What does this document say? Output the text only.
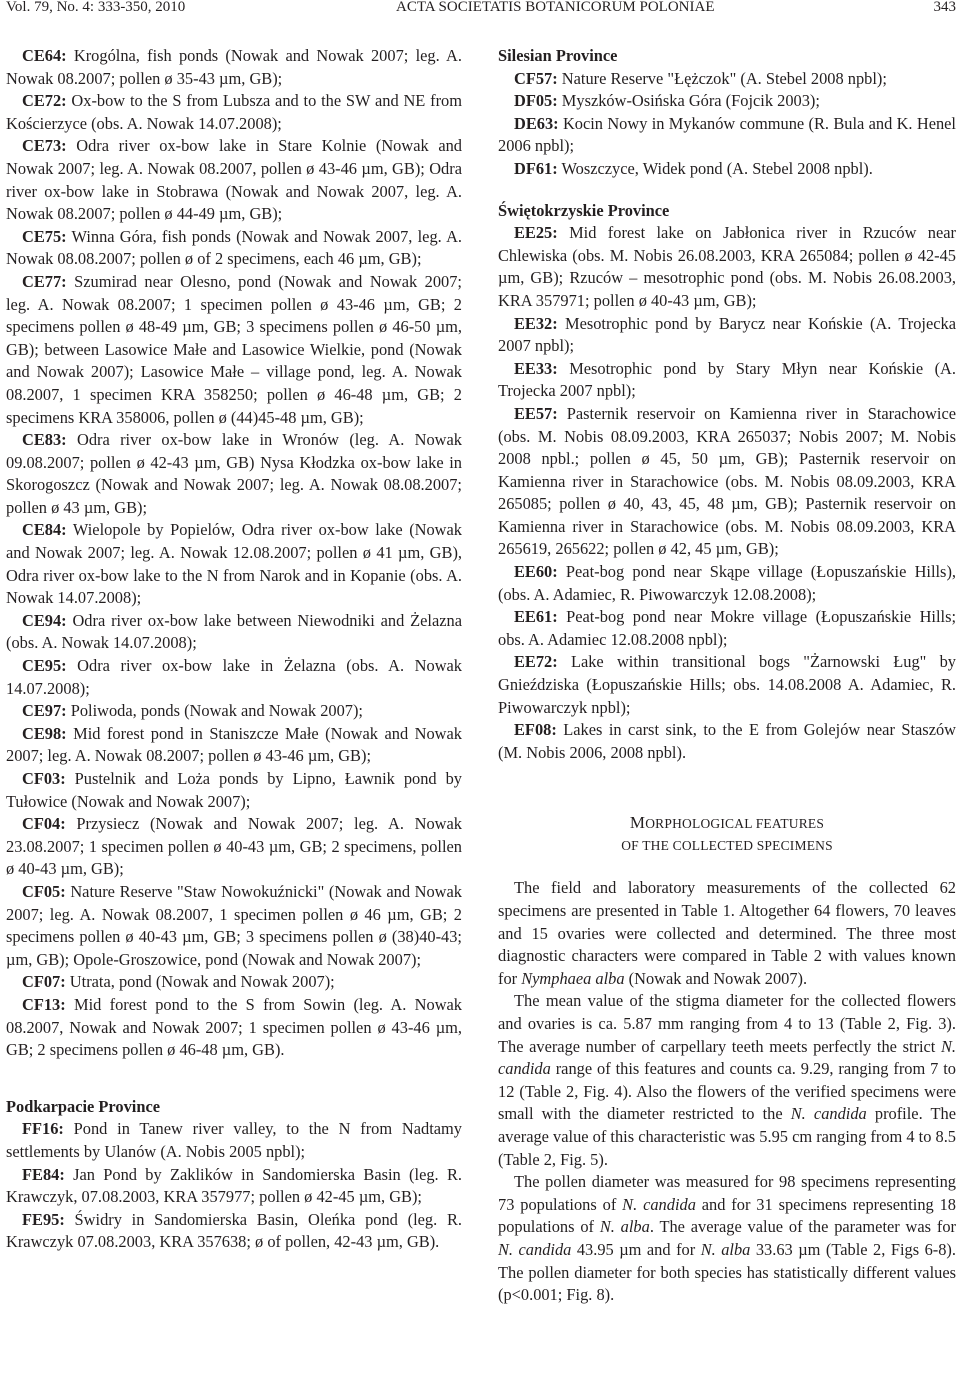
Vol. 79, No. 4: 333-350, 2010	ACTA SOCIETATIS BOTANICORUM POLONIAE	343

CE64: Krogólna, fish ponds (Nowak and Nowak 2007; leg. A. Nowak 08.2007; pollen ø 35-43 µm, GB);

CE72: Ox-bow to the S from Lubsza and to the SW and NE from Kościerzyce (obs. A. Nowak 14.07.2008);

CE73: Odra river ox-bow lake in Stare Kolnie (Nowak and Nowak 2007; leg. A. Nowak 08.2007, pollen ø 43-46 µm, GB); Odra river ox-bow lake in Stobrawa (Nowak and Nowak 2007, leg. A. Nowak 08.2007; pollen ø 44-49 µm, GB);

CE75: Winna Góra, fish ponds (Nowak and Nowak 2007, leg. A. Nowak 08.08.2007; pollen ø of 2 specimens, each 46 µm, GB);

CE77: Szumirad near Olesno, pond (Nowak and Nowak 2007; leg. A. Nowak 08.2007; 1 specimen pollen ø 43-46 µm, GB; 2 specimens pollen ø 48-49 µm, GB; 3 specimens pollen ø 46-50 µm, GB); between Lasowice Małe and Lasowice Wielkie, pond (Nowak and Nowak 2007); Lasowice Małe – village pond, leg. A. Nowak 08.2007, 1 specimen KRA 358250; pollen ø 46-48 µm, GB; 2 specimens KRA 358006, pollen ø (44)45-48 µm, GB);

CE83: Odra river ox-bow lake in Wronów (leg. A. Nowak 09.08.2007; pollen ø 42-43 µm, GB) Nysa Kłodzka ox-bow lake in Skorogoszcz (Nowak and Nowak 2007; leg. A. Nowak 08.08.2007; pollen ø 43 µm, GB);

CE84: Wielopole by Popielów, Odra river ox-bow lake (Nowak and Nowak 2007; leg. A. Nowak 12.08.2007; pollen ø 41 µm, GB), Odra river ox-bow lake to the N from Narok and in Kopanie (obs. A. Nowak 14.07.2008);

CE94: Odra river ox-bow lake between Niewodniki and Żelazna (obs. A. Nowak 14.07.2008);

CE95: Odra river ox-bow lake in Żelazna (obs. A. Nowak 14.07.2008);

CE97: Poliwoda, ponds (Nowak and Nowak 2007);

CE98: Mid forest pond in Staniszcze Małe (Nowak and Nowak 2007; leg. A. Nowak 08.2007; pollen ø 43-46 µm, GB);

CF03: Pustelnik and Loża ponds by Lipno, Ławnik pond by Tułowice (Nowak and Nowak 2007);

CF04: Przysiecz (Nowak and Nowak 2007; leg. A. Nowak 23.08.2007; 1 specimen pollen ø 40-43 µm, GB; 2 specimens, pollen ø 40-43 µm, GB);

CF05: Nature Reserve "Staw Nowokuźnicki" (Nowak and Nowak 2007; leg. A. Nowak 08.2007, 1 specimen pollen ø 46 µm, GB; 2 specimens pollen ø 40-43 µm, GB; 3 specimens pollen ø (38)40-43; µm, GB); Opole-Groszowice, pond (Nowak and Nowak 2007);

CF07: Utrata, pond (Nowak and Nowak 2007);

CF13: Mid forest pond to the S from Sowin (leg. A. Nowak 08.2007, Nowak and Nowak 2007; 1 specimen pollen ø 43-46 µm, GB; 2 specimens pollen ø 46-48 µm, GB).

Podkarpacie Province

FF16: Pond in Tanew river valley, to the N from Nadtamy settlements by Ulanów (A. Nobis 2005 npbl);

FE84: Jan Pond by Zaklików in Sandomierska Basin (leg. R. Krawczyk, 07.08.2003, KRA 357977; pollen ø 42-45 µm, GB);

FE95: Świdry in Sandomierska Basin, Oleńka pond (leg. R. Krawczyk 07.08.2003, KRA 357638; ø of pollen, 42-43 µm, GB).

Silesian Province

CF57: Nature Reserve "Łężczok" (A. Stebel 2008 npbl);

DF05: Myszków-Osińska Góra (Fojcik 2003);

DE63: Kocin Nowy in Mykanów commune (R. Bula and K. Henel 2006 npbl);

DF61: Woszczyce, Widek pond (A. Stebel 2008 npbl).

Świętokrzyskie Province

EE25: Mid forest lake on Jabłonica river in Rzuców near Chlewiska (obs. M. Nobis 26.08.2003, KRA 265084; pollen ø 42-45 µm, GB); Rzuców – mesotrophic pond (obs. M. Nobis 26.08.2003, KRA 357971; pollen ø 40-43 µm, GB);

EE32: Mesotrophic pond by Barycz near Końskie (A. Trojecka 2007 npbl);

EE33: Mesotrophic pond by Stary Młyn near Końskie (A. Trojecka 2007 npbl);

EE57: Pasternik reservoir on Kamienna river in Starachowice (obs. M. Nobis 08.09.2003, KRA 265037; Nobis 2007; M. Nobis 2008 npbl.; pollen ø 45, 50 µm, GB); Pasternik reservoir on Kamienna river in Starachowice (obs. M. Nobis 08.09.2003, KRA 265085; pollen ø 40, 43, 45, 48 µm, GB); Pasternik reservoir on Kamienna river in Starachowice (obs. M. Nobis 08.09.2003, KRA 265619, 265622; pollen ø 42, 45 µm, GB);

EE60: Peat-bog pond near Skąpe village (Łopuszańskie Hills), (obs. A. Adamiec, R. Piwowarczyk 12.08.2008);

EE61: Peat-bog pond near Mokre village (Łopuszańskie Hills; obs. A. Adamiec 12.08.2008 npbl);

EE72: Lake within transitional bogs "Żarnowski Ług" by Gnieździska (Łopuszańskie Hills; obs. 14.08.2008 A. Adamiec, R. Piwowarczyk npbl);

EF08: Lakes in carst sink, to the E from Golejów near Staszów (M. Nobis 2006, 2008 npbl).

MORPHOLOGICAL FEATURES

OF THE COLLECTED SPECIMENS

The field and laboratory measurements of the collected 62 specimens are presented in Table 1. Altogether 64 flowers, 70 leaves and 15 ovaries were collected and determined. The three most diagnostic characters were compared in Table 2 with values known for Nymphaea alba (Nowak and Nowak 2007).

The mean value of the stigma diameter for the collected flowers and ovaries is ca. 5.87 mm ranging from 4 to 13 (Table 2, Fig. 3). The average number of carpellary teeth meets perfectly the strict N. candida range of this features and counts ca. 9.29, ranging from 7 to 12 (Table 2, Fig. 4). Also the flowers of the verified specimens were small with the diameter restricted to the N. candida profile. The average value of this characteristic was 5.95 cm ranging from 4 to 8.5 (Table 2, Fig. 5).

The pollen diameter was measured for 98 specimens representing 73 populations of N. candida and for 31 specimens representing 18 populations of N. alba. The average value of the parameter was for N. candida 43.95 µm and for N. alba 33.63 µm (Table 2, Figs 6-8). The pollen diameter for both species has statistically different values (p<0.001; Fig. 8).
